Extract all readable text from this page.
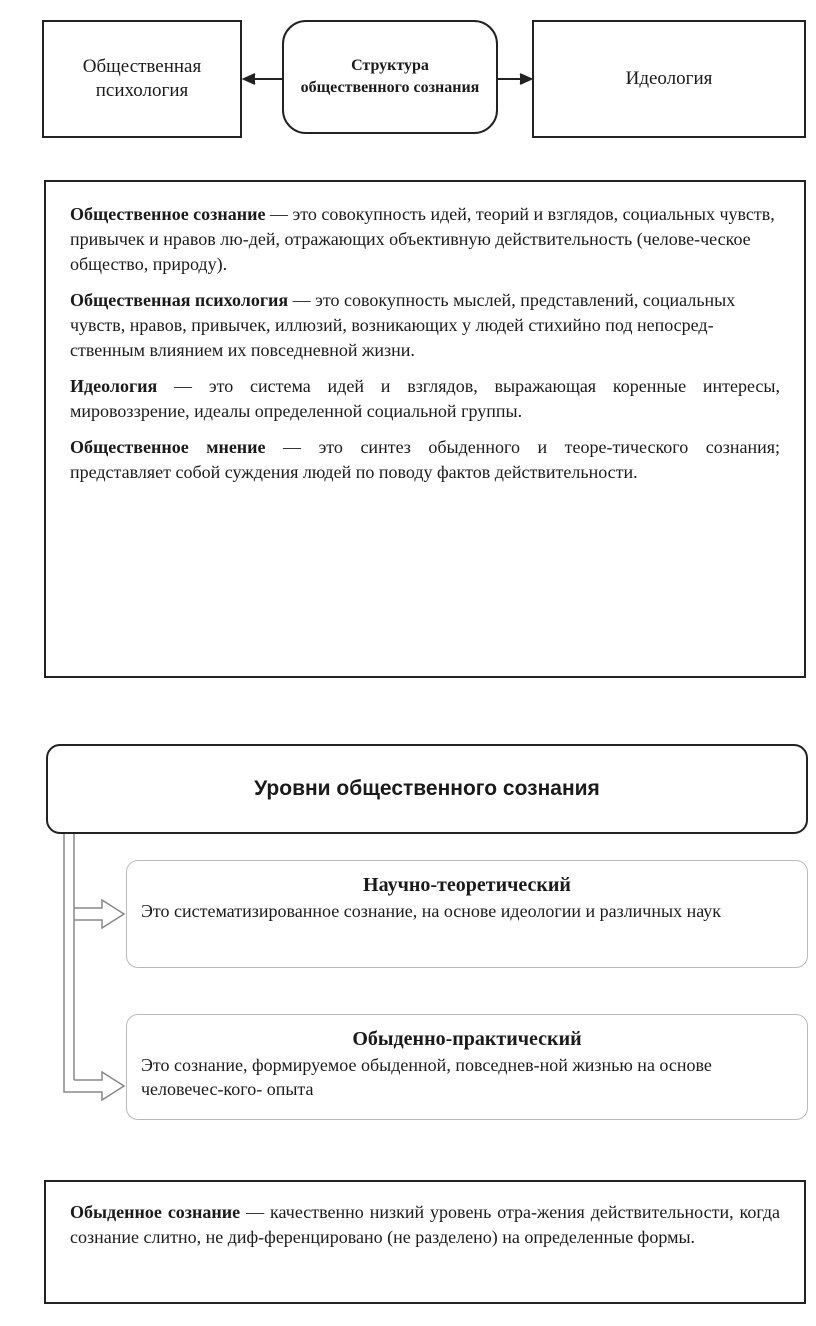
Общественная психология
Структура общественного сознания	Идеология

Общественное сознание — это совокупность идей, теорий и взглядов, социальных чувств, привычек и нравов лю-дей, отражающих объективную действительность (челове-ческое общество, природу).

Общественная психология — это совокупность мыслей, представлений, социальных чувств, нравов, привычек, иллюзий, возникающих у людей стихийно под непосред-ственным влиянием их повседневной жизни.

Идеология — это система идей и взглядов, выражающая коренные интересы, мировоззрение, идеалы определенной социальной группы.

Общественное мнение — это синтез обыденного и теоре-тического сознания; представляет собой суждения людей по поводу фактов действительности.

Уровни общественного сознания
Научно-теоретический
Это систематизированное сознание, на основе идеологии и различных наук
Обыденно-практический
Это сознание, формируемое обыденной, повседнев-ной жизнью на основе человечес-кого- опыта
Обыденное сознание — качественно низкий уровень отра-жения действительности, когда сознание слитно, не диф-ференцировано (не разделено) на определенные формы.
